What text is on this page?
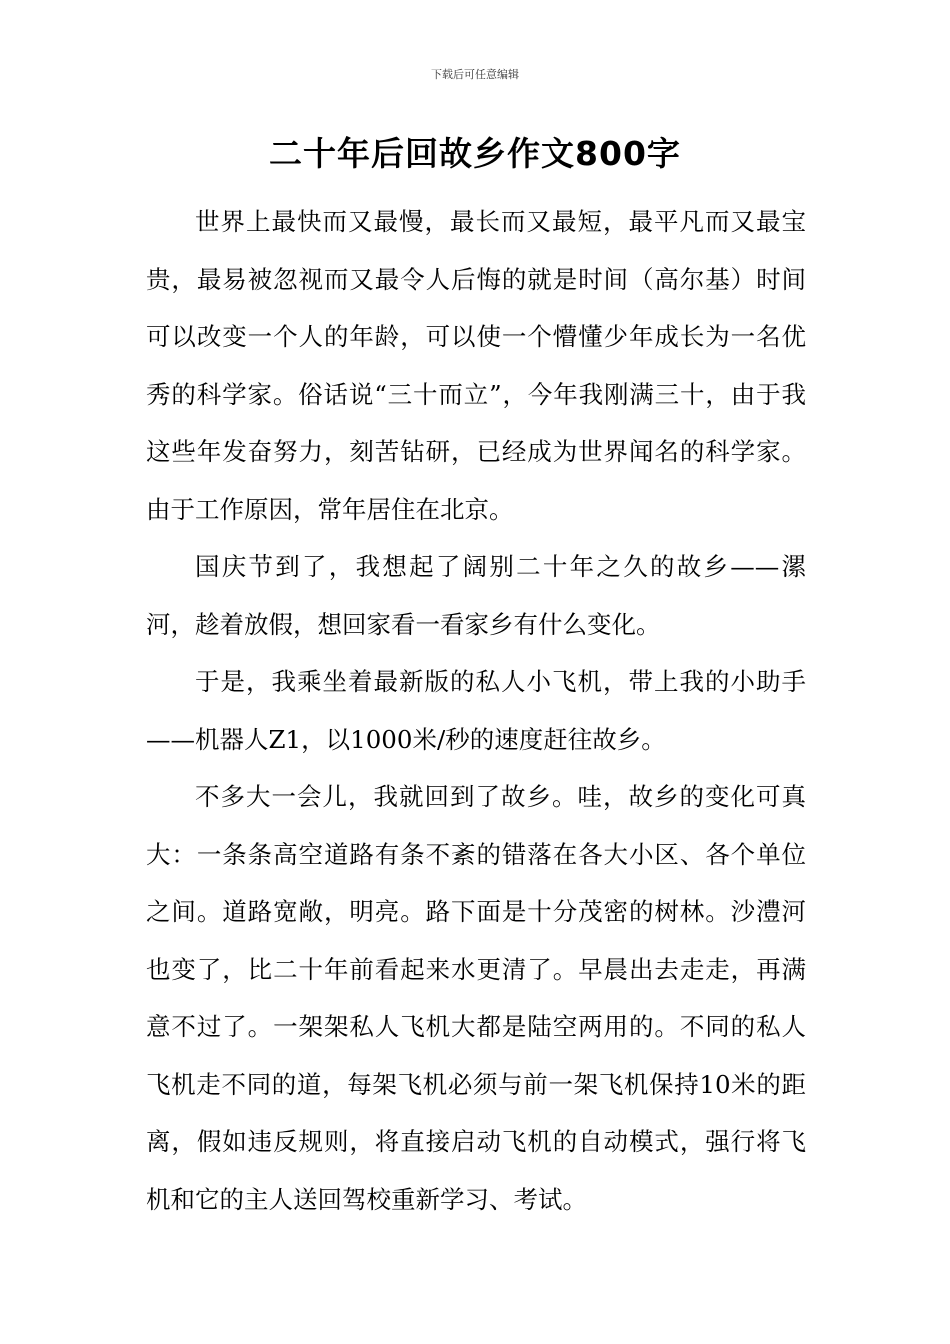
下载后可任意编辑
二十年后回故乡作文800字

世界上最快而又最慢，最长而又最短，最平凡而又最宝贵，最易被忽视而又最令人后悔的就是时间（高尔基）时间可以改变一个人的年龄，可以使一个懵懂少年成长为一名优秀的科学家。俗话说“三十而立”，今年我刚满三十，由于我这些年发奋努力，刻苦钻研，已经成为世界闻名的科学家。由于工作原因，常年居住在北京。

国庆节到了，我想起了阔别二十年之久的故乡——漯河，趁着放假，想回家看一看家乡有什么变化。

于是，我乘坐着最新版的私人小飞机，带上我的小助手——机器人Z1，以1000米/秒的速度赶往故乡。

不多大一会儿，我就回到了故乡。哇，故乡的变化可真大：一条条高空道路有条不紊的错落在各大小区、各个单位之间。道路宽敞，明亮。路下面是十分茂密的树林。沙澧河也变了，比二十年前看起来水更清了。早晨出去走走，再满意不过了。一架架私人飞机大都是陆空两用的。不同的私人飞机走不同的道，每架飞机必须与前一架飞机保持10米的距离，假如违反规则，将直接启动飞机的自动模式，强行将飞机和它的主人送回驾校重新学习、考试。
